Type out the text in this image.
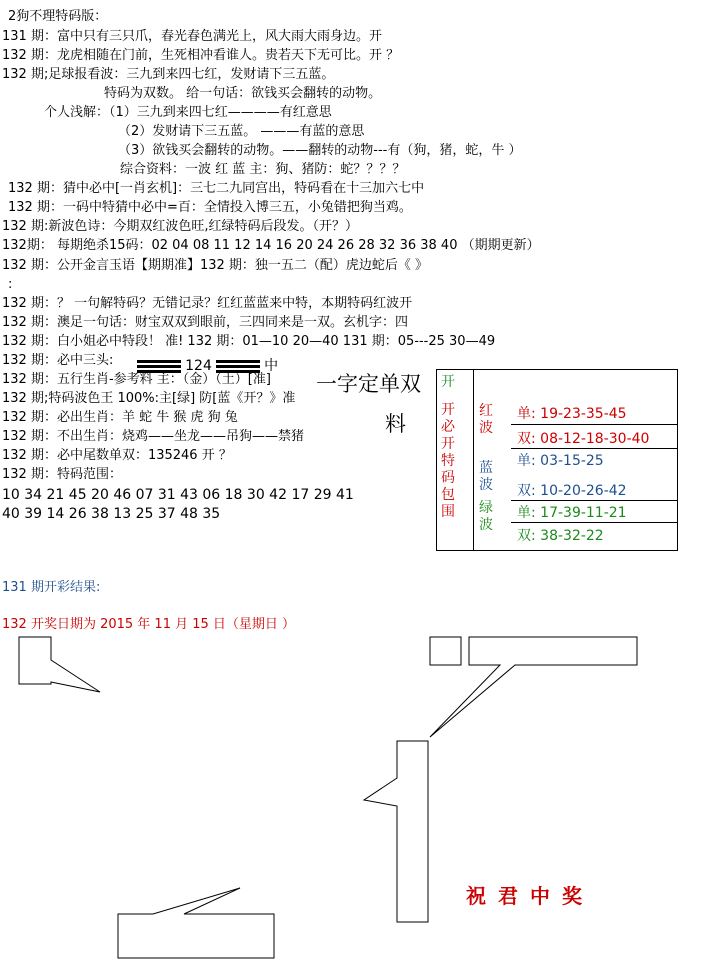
2狗不理特码版：
131 期：富中只有三只爪，春光春色满光上，风大雨大雨身边。开
132 期：龙虎相随在门前，生死相冲看谁人。贵若天下无可比。开 ？
132 期;足球报看波：三九到来四七红，发财请下三五蓝。
特码为双数。 给一句话：欲钱买会翻转的动物。
个人浅解：（1）三九到来四七红————有红意思
（2）发财请下三五蓝。 ———有蓝的意思
（3）欲钱买会翻转的动物。——翻转的动物---有（狗，猪，蛇，牛 ）
综合资料：一波 红 蓝 主：狗、猪防：蛇？？？？
132 期：猜中必中[一肖玄机]：三七二九同宫出，特码看在十三加六七中
132 期：一码中特猜中必中=百：全情投入博三五，小兔错把狗当鸡。
132 期:新波色诗：今期双红波色旺,红绿特码后段发。（开？）
132期： 每期绝杀15码：02 04 08 11 12 14 16 20 24 26 28 32 36 38 40 （期期更新）
132 期：公开金言玉语【期期准】132 期：独一五二（配）虎边蛇后《 》
:
132 期：？ 一句解特码？无错记录？红红蓝蓝来中特，本期特码红波开
132 期：澳足一句话：财宝双双到眼前，三四同来是一双。玄机字：四
132 期：白小姐必中特段！ 准! 132 期：01—10 20—40 131 期：05---25 30—49
132 期：必中三头:
132 期：五行生肖-参考料 主：（金）（土）[准]
132 期;特码波色王 100%:主[绿] 防[蓝《开？》准
132 期：必出生肖：羊 蛇 牛 猴 虎 狗 兔
132 期：不出生肖：烧鸡——坐龙——吊狗——禁猪
132 期：必中尾数单双：135246 开 ？
132 期：特码范围：
10 34 21 45 20 46 07 31 43 06 18 30 42 17 29 41
40 39 14 26 38 13 25 37 48 35
124	中
一字定单双
料
开
开必开特码包围
红波
蓝波
绿波
单: 19-23-35-45
双: 08-12-18-30-40
单: 03-15-25
双: 10-20-26-42
单: 17-39-11-21
双: 38-32-22
131 期开彩结果:
132 开奖日期为 2015 年 11 月 15 日（星期日 ）
祝君中奖
